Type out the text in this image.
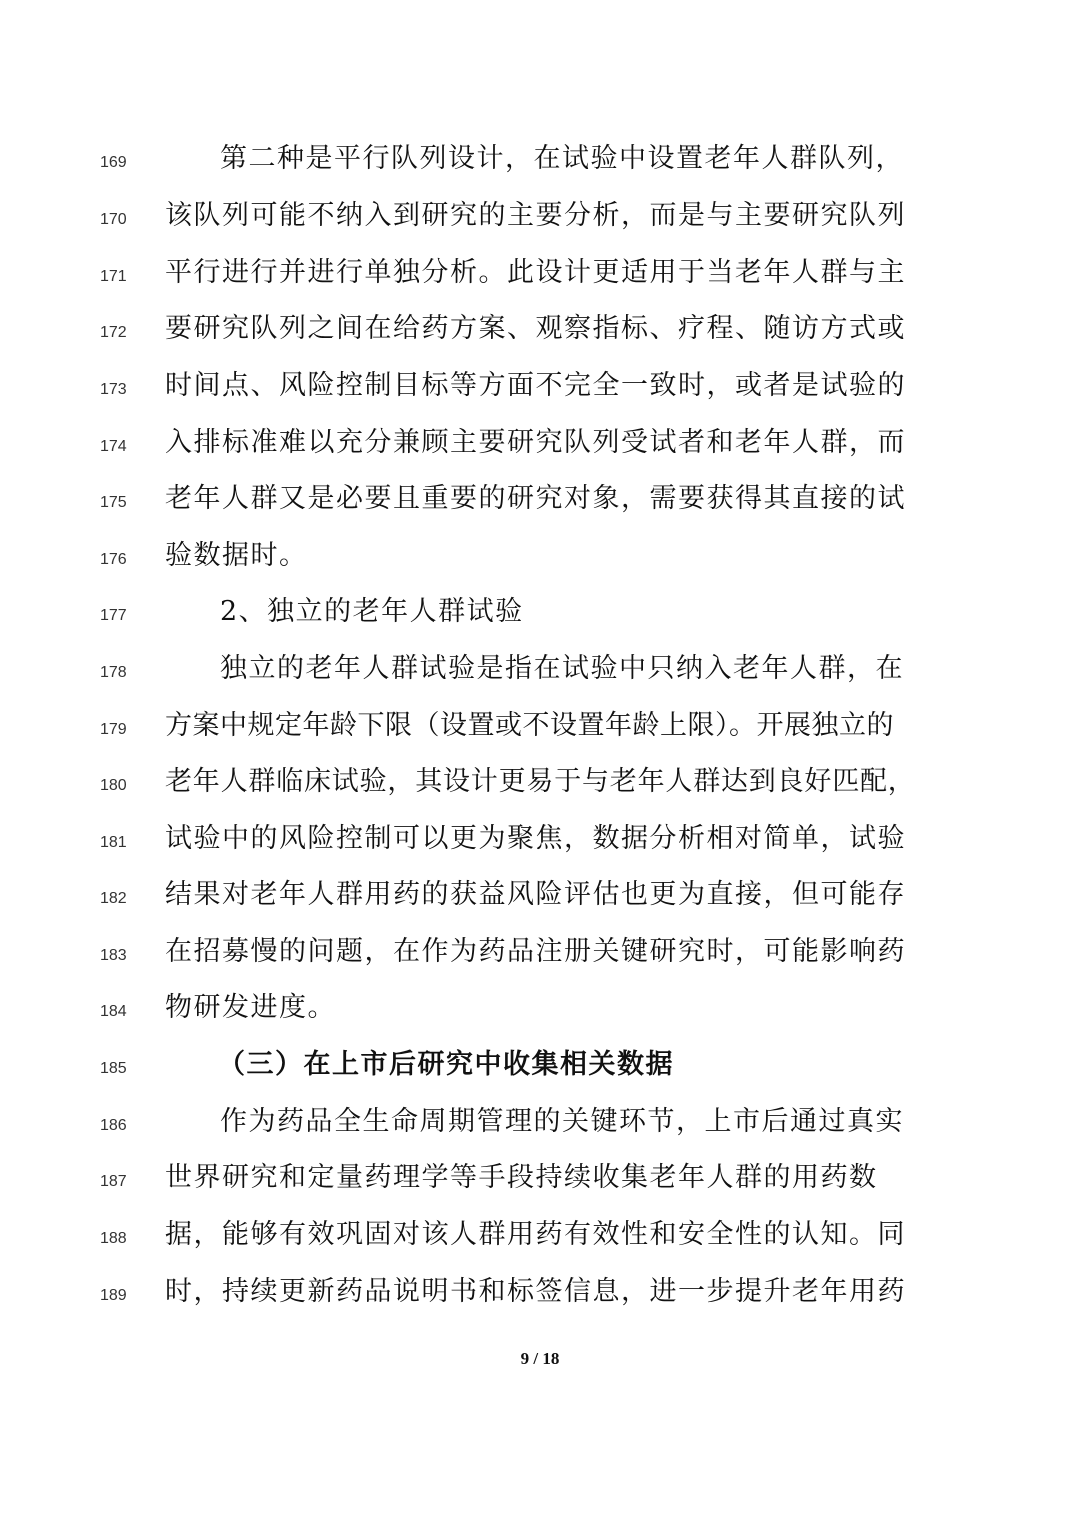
169	第二种是平行队列设计，在试验中设置老年人群队列，
170	该队列可能不纳入到研究的主要分析，而是与主要研究队列
171	平行进行并进行单独分析。此设计更适用于当老年人群与主
172	要研究队列之间在给药方案、观察指标、疗程、随访方式或
173	时间点、风险控制目标等方面不完全一致时，或者是试验的
174	入排标准难以充分兼顾主要研究队列受试者和老年人群，而
175	老年人群又是必要且重要的研究对象，需要获得其直接的试
176	验数据时。
177	2、独立的老年人群试验
178	独立的老年人群试验是指在试验中只纳入老年人群，在
179	方案中规定年龄下限（设置或不设置年龄上限）。开展独立的
180	老年人群临床试验，其设计更易于与老年人群达到良好匹配，
181	试验中的风险控制可以更为聚焦，数据分析相对简单，试验
182	结果对老年人群用药的获益风险评估也更为直接，但可能存
183	在招募慢的问题，在作为药品注册关键研究时，可能影响药
184	物研发进度。
185	（三）在上市后研究中收集相关数据
186	作为药品全生命周期管理的关键环节，上市后通过真实
187	世界研究和定量药理学等手段持续收集老年人群的用药数
188	据，能够有效巩固对该人群用药有效性和安全性的认知。同
189	时，持续更新药品说明书和标签信息，进一步提升老年用药
9 / 18
